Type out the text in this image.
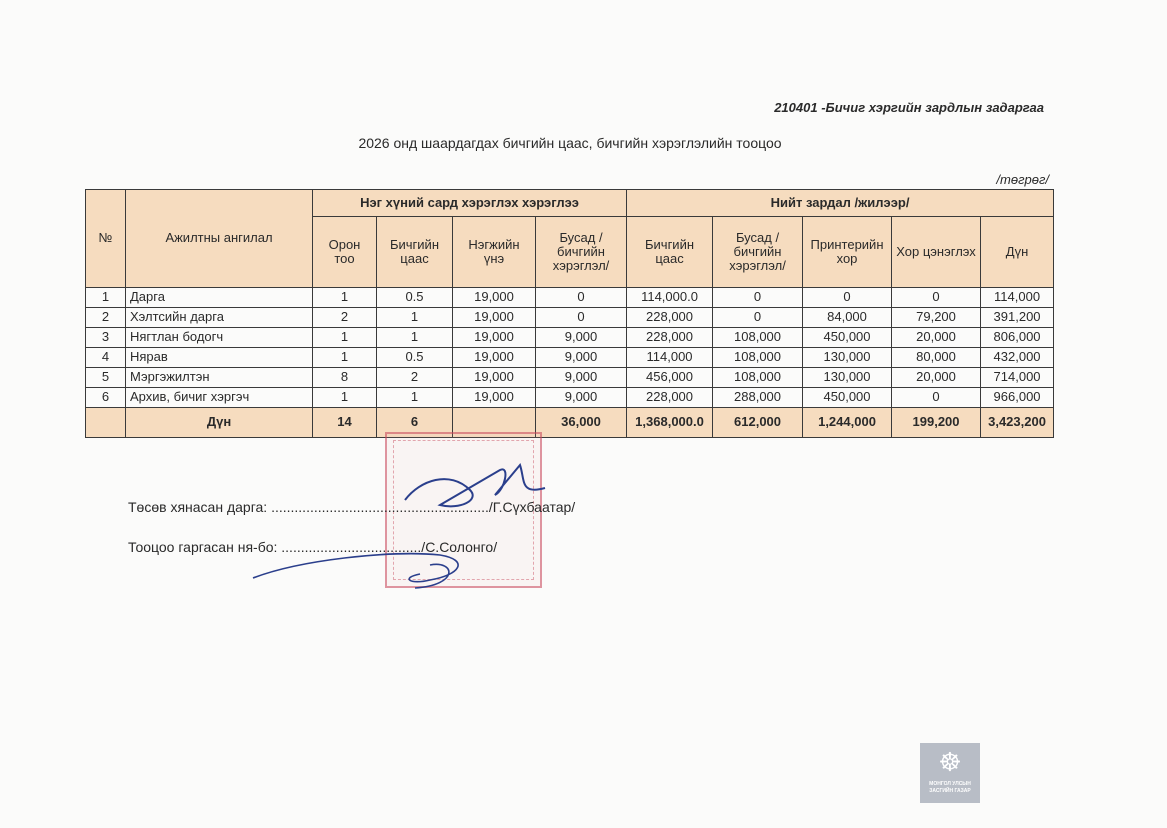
210401 -Бичиг хэргийн зардлын задаргаа
2026 онд шаардагдах бичгийн цаас, бичгийн хэрэглэлийн тооцоо
/төгрөг/
№	Ажилтны ангилал	Нэг хүний сард хэрэглэх хэрэглээ				Нийт зардал /жилээр/				
		Орон тоо	Бичгийн цаас	Нэгжийн үнэ	Бусад /бичгийн хэрэглэл/	Бичгийн цаас	Бусад /бичгийн хэрэглэл/	Принтерийн хор	Хор цэнэглэх	Дүн
1	Дарга	1	0.5	19,000	0	114,000.0	0	0	0	114,000
2	Хэлтсийн дарга	2	1	19,000	0	228,000	0	84,000	79,200	391,200
3	Нягтлан бодогч	1	1	19,000	9,000	228,000	108,000	450,000	20,000	806,000
4	Нярав	1	0.5	19,000	9,000	114,000	108,000	130,000	80,000	432,000
5	Мэргэжилтэн	8	2	19,000	9,000	456,000	108,000	130,000	20,000	714,000
6	Архив, бичиг хэргэч	1	1	19,000	9,000	228,000	288,000	450,000	0	966,000
	Дүн	14	6		36,000	1,368,000.0	612,000	1,244,000	199,200	3,423,200
Төсөв хянасан дарга: ......................................................../Г.Сүхбаатар/
Тооцоо гаргасан ня-бо: ..................................../С.Солонго/
☸
МОНГОЛ УЛСЫН
ЗАСГИЙН ГАЗАР
